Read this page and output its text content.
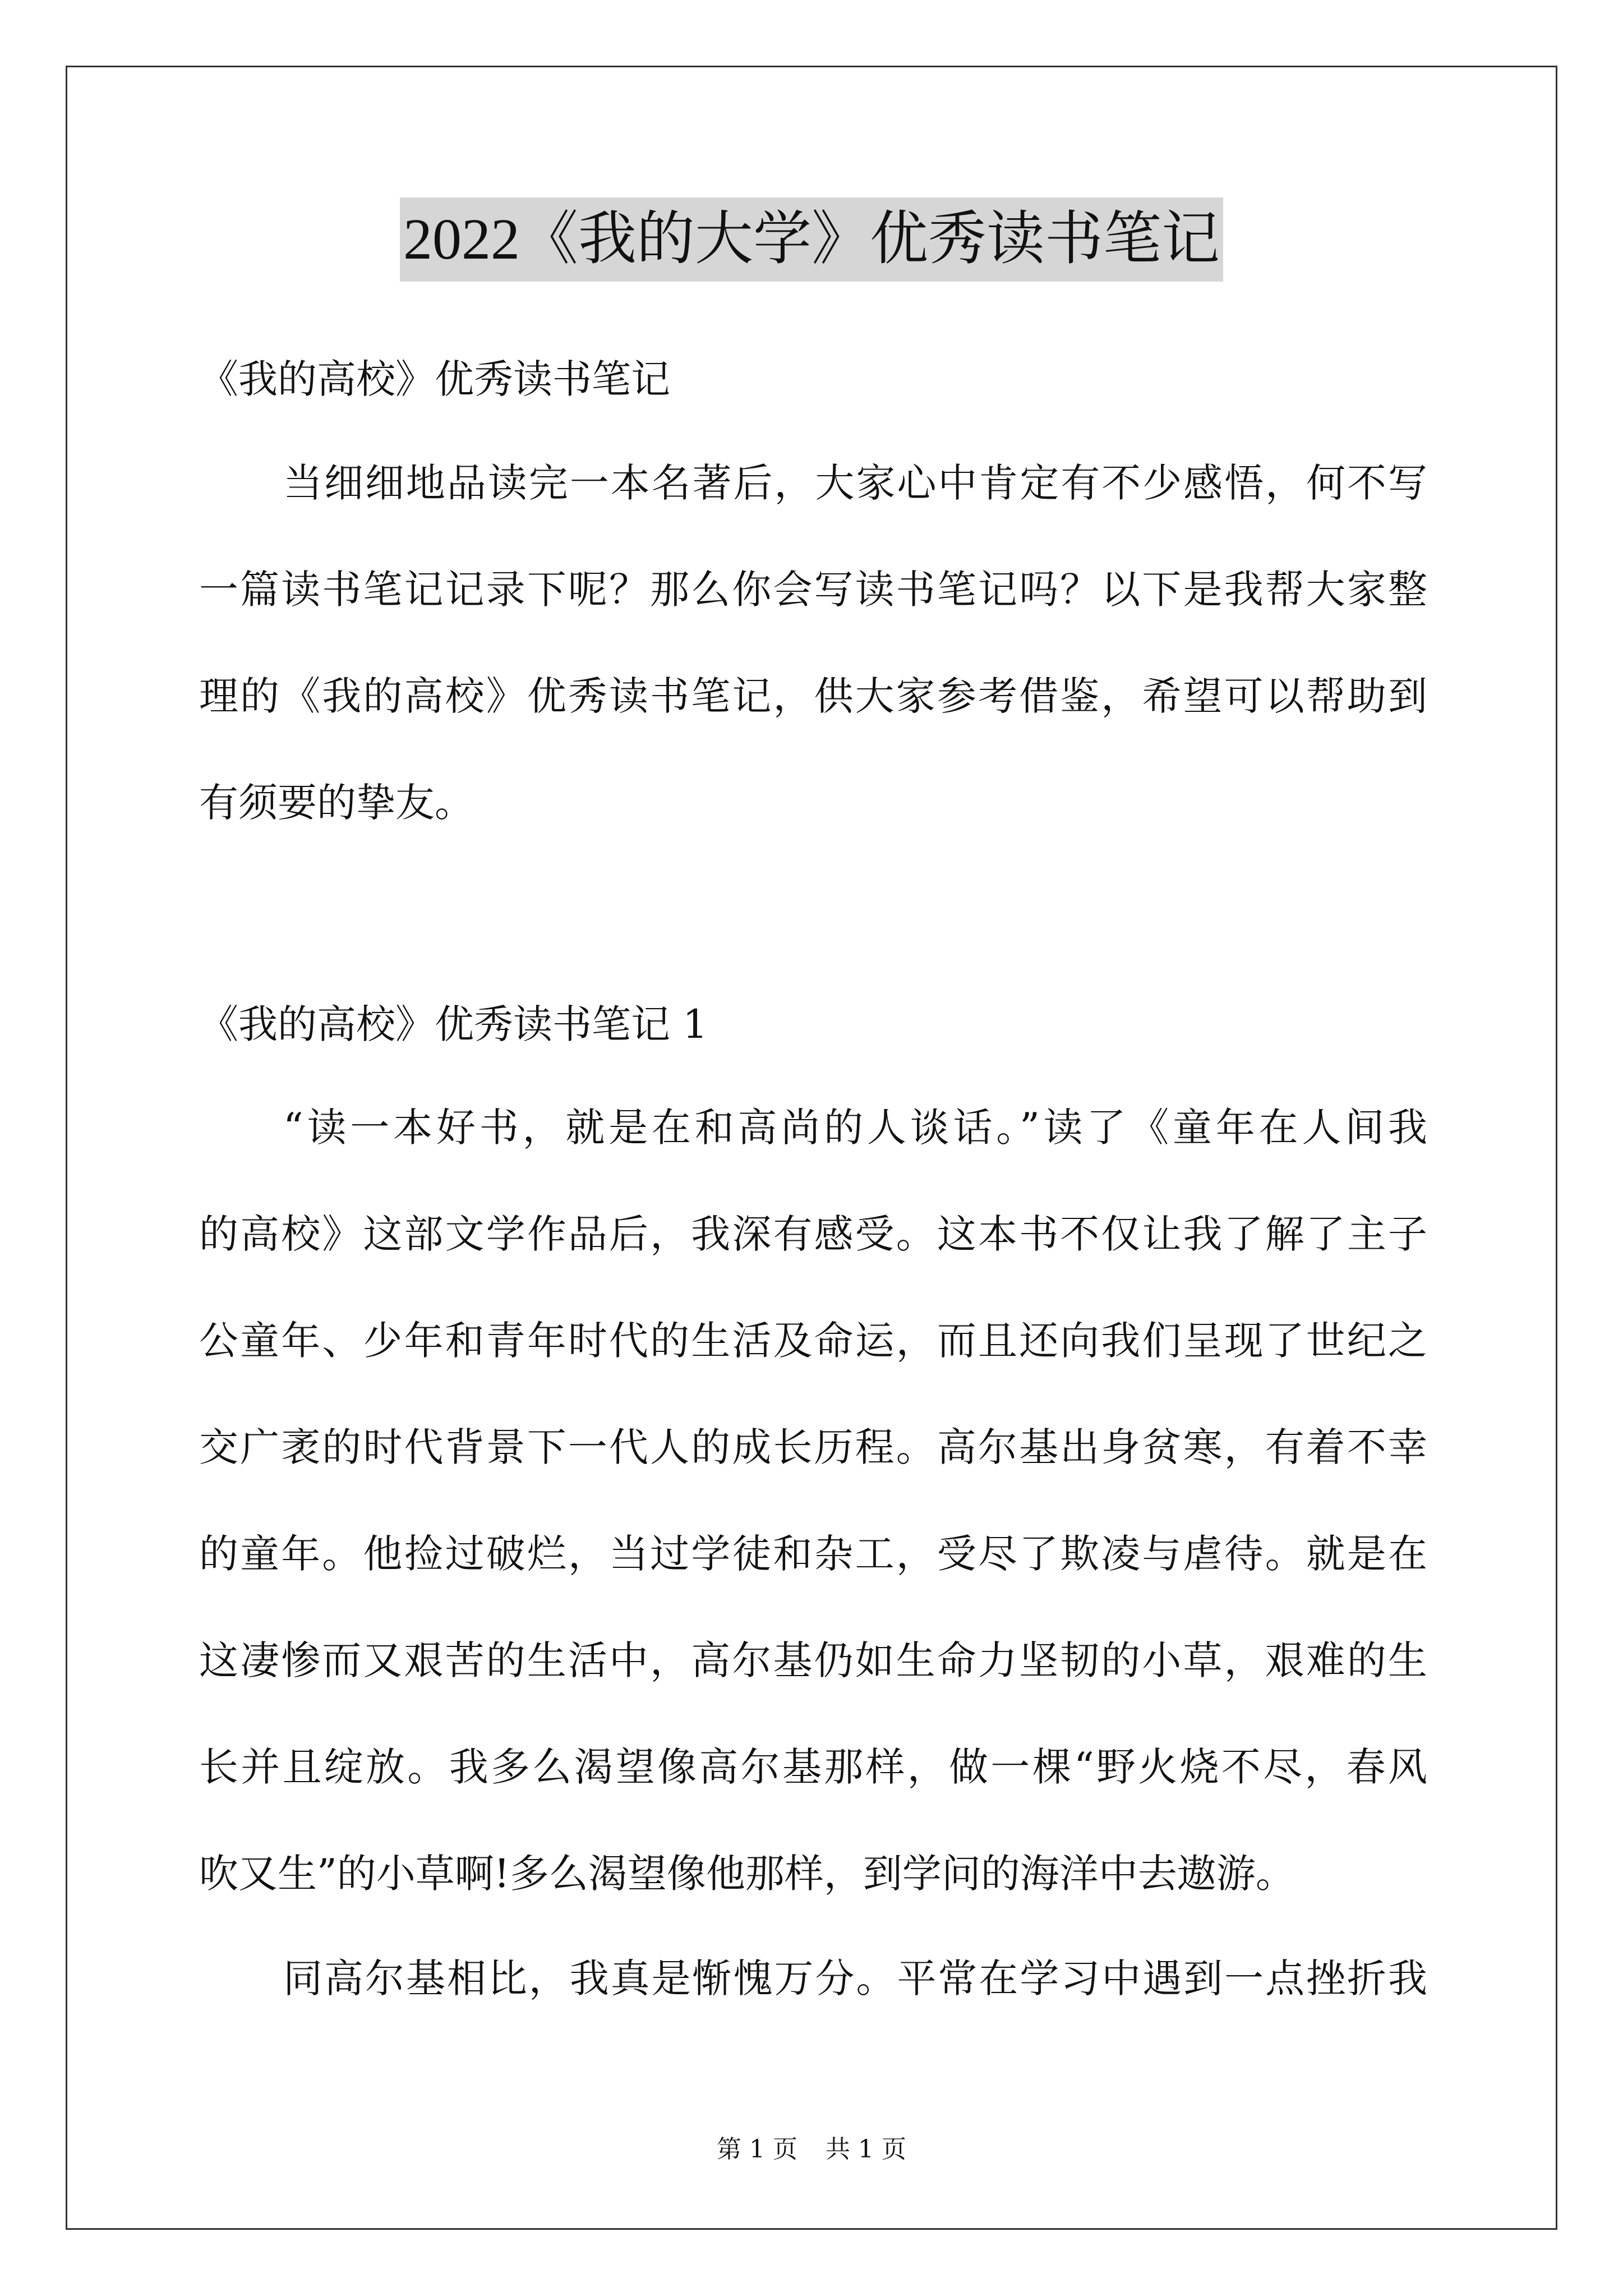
2022《我的大学》优秀读书笔记
《我的高校》优秀读书笔记
当细细地品读完一本名著后，大家心中肯定有不少感悟，何不写
一篇读书笔记记录下呢？那么你会写读书笔记吗？以下是我帮大家整
理的《我的高校》优秀读书笔记，供大家参考借鉴，希望可以帮助到
有须要的挚友。
《我的高校》优秀读书笔记 1
“读一本好书，就是在和高尚的人谈话。”读了《童年在人间我
的高校》这部文学作品后，我深有感受。这本书不仅让我了解了主子
公童年、少年和青年时代的生活及命运，而且还向我们呈现了世纪之
交广袤的时代背景下一代人的成长历程。高尔基出身贫寒，有着不幸
的童年。他捡过破烂，当过学徒和杂工，受尽了欺凌与虐待。就是在
这凄惨而又艰苦的生活中，高尔基仍如生命力坚韧的小草，艰难的生
长并且绽放。我多么渴望像高尔基那样，做一棵“野火烧不尽，春风
吹又生”的小草啊!多么渴望像他那样，到学问的海洋中去遨游。
同高尔基相比，我真是惭愧万分。平常在学习中遇到一点挫折我
第 1 页 共 1 页
